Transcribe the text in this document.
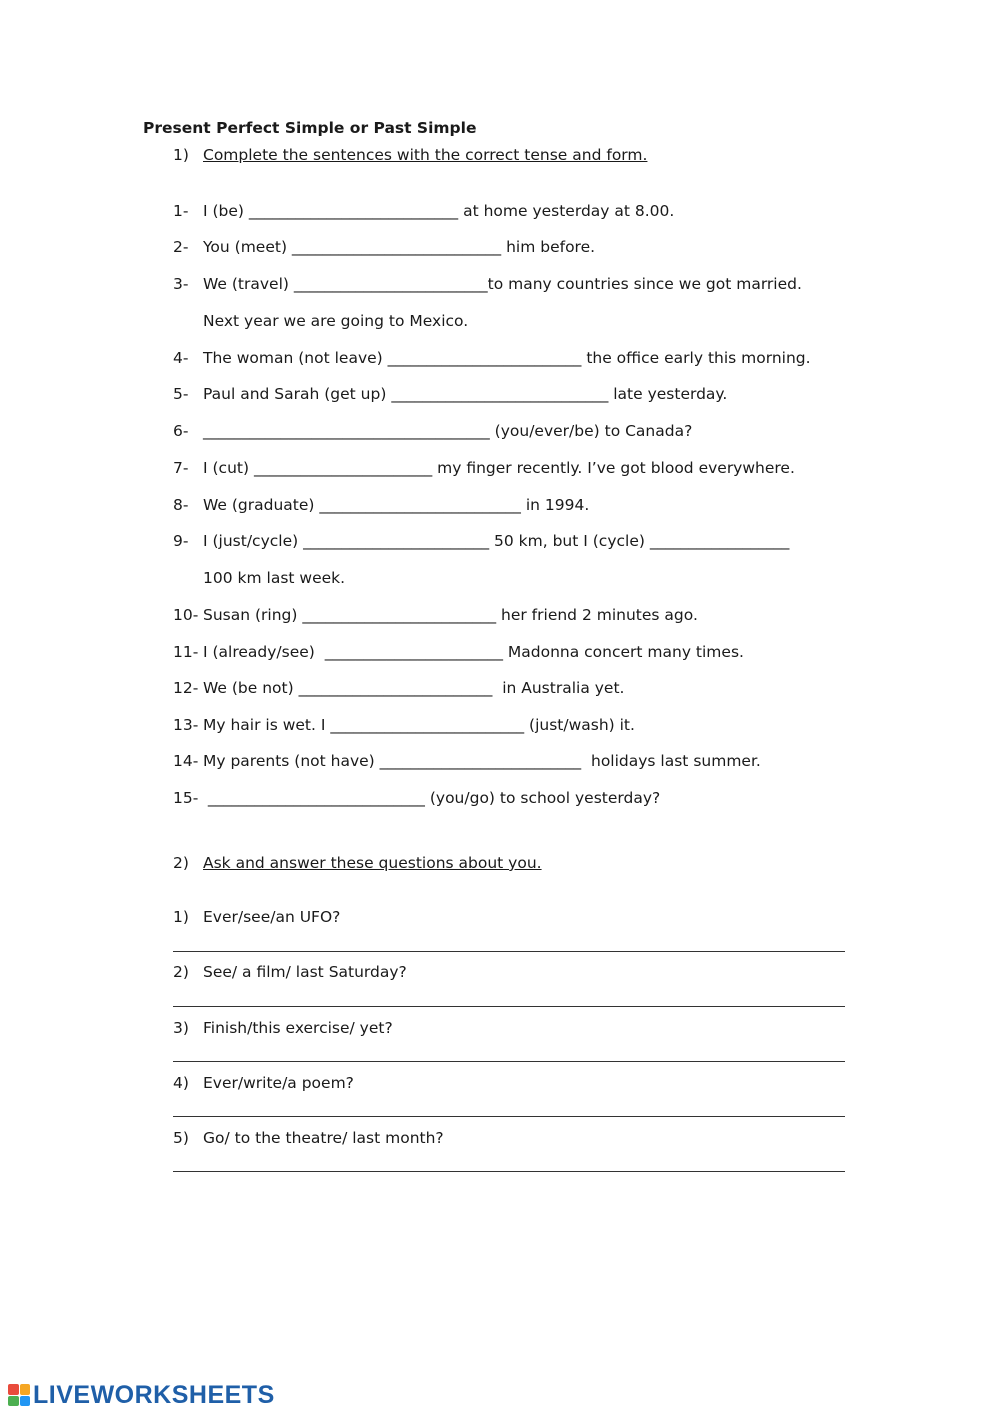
Present Perfect Simple or Past Simple
1) Complete the sentences with the correct tense and form.
1- I (be) ___________________________ at home yesterday at 8.00.
2- You (meet) ___________________________ him before.
3- We (travel) _________________________to many countries since we got married.
Next year we are going to Mexico.
4- The woman (not leave) _________________________ the office early this morning.
5- Paul and Sarah (get up) ____________________________ late yesterday.
6- _____________________________________ (you/ever/be) to Canada?
7- I (cut) _______________________ my finger recently. I’ve got blood everywhere.
8- We (graduate) __________________________ in 1994.
9- I (just/cycle) ________________________ 50 km, but I (cycle) __________________
100 km last week.
10- Susan (ring) _________________________ her friend 2 minutes ago.
11- I (already/see)  _______________________ Madonna concert many times.
12- We (be not) _________________________  in Australia yet.
13- My hair is wet. I _________________________ (just/wash) it.
14- My parents (not have) __________________________  holidays last summer.
15- ____________________________ (you/go) to school yesterday?
2) Ask and answer these questions about you.
1) Ever/see/an UFO?
2) See/ a film/ last Saturday?
3) Finish/this exercise/ yet?
4) Ever/write/a poem?
5) Go/ to the theatre/ last month?
LIVEWORKSHEETS
